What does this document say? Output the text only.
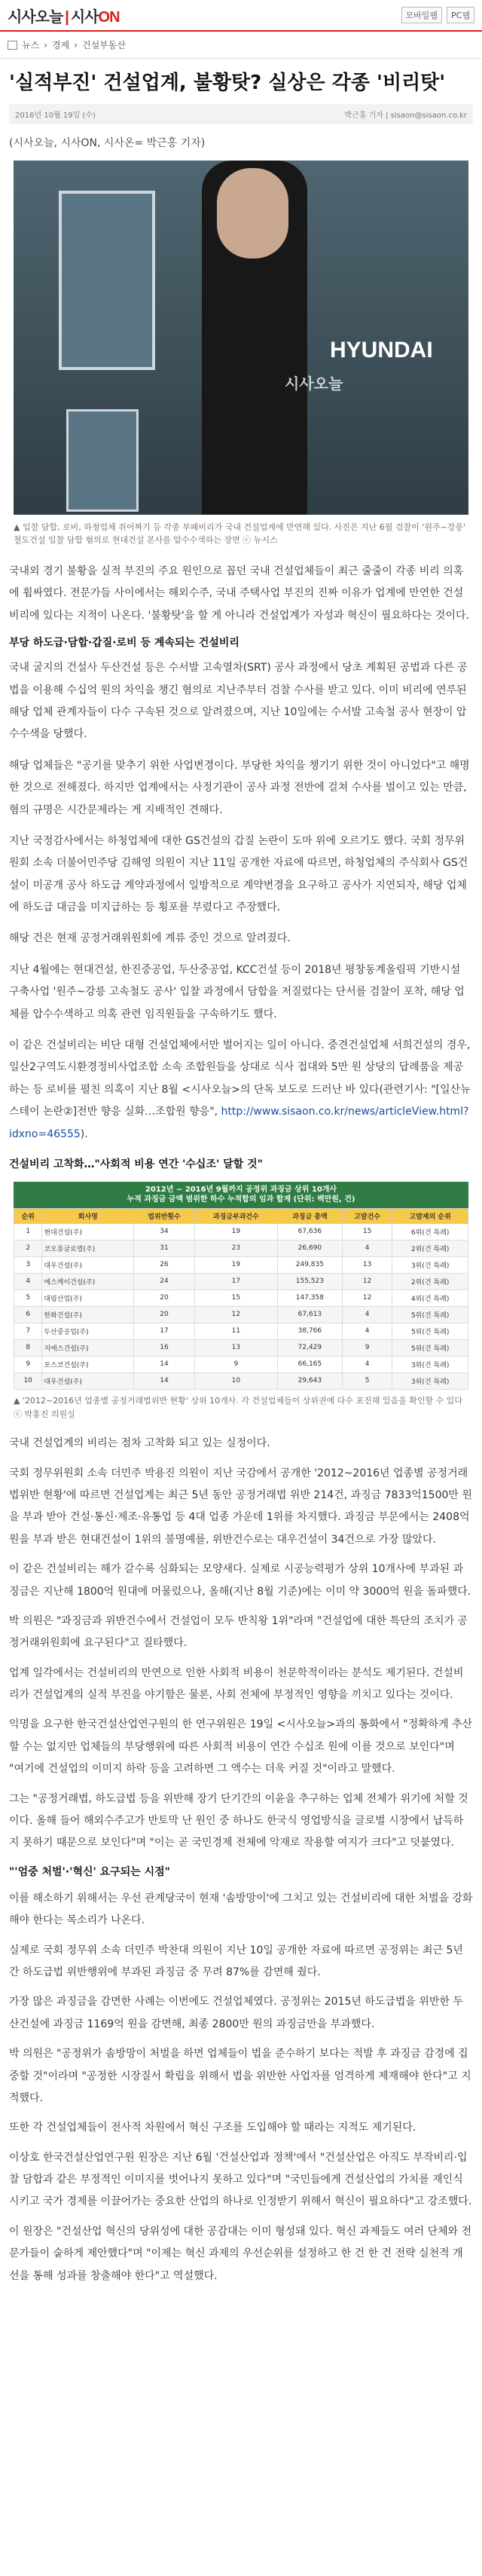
시사오늘 | 시사ON	모바일웹	PC웹
뉴스 › 경제 › 건설부동산
'실적부진' 건설업계, 불황탓? 실상은 각종 '비리탓'
2016년 10월 19일 (수)	박근홍 기자 | sisaon@sisaon.co.kr
(시사오늘, 시사ON, 시사온= 박근홍 기자)
HYUNDAI
시사오늘
▲ 입찰 담합, 로비, 하청업체 쥐어짜기 등 각종 부패비리가 국내 건설업계에 만연해 있다. 사진은 지난 6월 검찰이 '원주~강릉' 철도건설 입찰 담합 혐의로 현대건설 본사를 압수수색하는 장면 ⓒ 뉴시스

국내외 경기 불황을 실적 부진의 주요 원인으로 꼽던 국내 건설업체들이 최근 줄줄이 각종 비리 의혹에 휩싸였다. 전문가들 사이에서는 해외수주, 국내 주택사업 부진의 진짜 이유가 업계에 만연한 건설비리에 있다는 지적이 나온다. '불황탓'을 할 게 아니라 건설업계가 자성과 혁신이 필요하다는 것이다.

부당 하도급·담합·갑질·로비 등 계속되는 건설비리

국내 굴지의 건설사 두산건설 등은 수서발 고속열차(SRT) 공사 과정에서 당초 계획된 공법과 다른 공법을 이용해 수십억 원의 차익을 챙긴 혐의로 지난주부터 검찰 수사를 받고 있다. 이미 비리에 연루된 해당 업체 관계자들이 다수 구속된 것으로 알려졌으며, 지난 10일에는 수서발 고속철 공사 현장이 압수수색을 당했다.

해당 업체들은 "공기를 맞추기 위한 사업변경이다. 부당한 차익을 챙기기 위한 것이 아니었다"고 해명한 것으로 전해졌다. 하지만 업계에서는 사정기관이 공사 과정 전반에 걸쳐 수사를 벌이고 있는 만큼, 혐의 규명은 시간문제라는 게 지배적인 견해다.

지난 국정감사에서는 하청업체에 대한 GS건설의 갑질 논란이 도마 위에 오르기도 했다. 국회 정무위원회 소속 더불어민주당 김해영 의원이 지난 11일 공개한 자료에 따르면, 하청업체의 주식회사 GS건설이 미공개 공사 하도급 계약과정에서 일방적으로 계약변경을 요구하고 공사가 지연되자, 해당 업체에 하도급 대금을 미지급하는 등 횡포를 부렸다고 주장했다.

해당 건은 현재 공정거래위원회에 계류 중인 것으로 알려졌다.

지난 4월에는 현대건설, 한진중공업, 두산중공업, KCC건설 등이 2018년 평창동계올림픽 기반시설 구축사업 '원주~강릉 고속철도 공사' 입찰 과정에서 담합을 저질렀다는 단서를 검찰이 포착, 해당 업체를 압수수색하고 의혹 관련 임직원들을 구속하기도 했다.

이 같은 건설비리는 비단 대형 건설업체에서만 벌어지는 일이 아니다. 중견건설업체 서희건설의 경우, 일산2구역도시환경정비사업조합 소속 조합원들을 상대로 식사 접대와 5만 원 상당의 답례품을 제공하는 등 로비를 펼친 의혹이 지난 8월 <시사오늘>의 단독 보도로 드러난 바 있다(관련기사: "[일산뉴스테이 논란②]전반 향응 실화…조합원 향응", http://www.sisaon.co.kr/news/articleView.html?idxno=46555).

건설비리 고착화…"사회적 비용 연간 '수십조' 달할 것"
2012년 ~ 2016년 9월까지 공정위 과징금 상위 10개사
누적 과징금 금액 범위한 하수 누적합의 임과 합계 (단위: 백만원, 건)
순위	회사명	법위반횟수	과징금부과건수	과징금 총액	고발건수	고발제외 순위
1	현대건설(주)	34	19	67,636	15	6위(건 특례)
2	코오롱글로벌(주)	31	23	26,690	4	2위(건 특례)
3	대우건설(주)	26	19	249,835	13	3위(건 특례)
4	에스케이건설(주)	24	17	155,523	12	2위(건 특례)
5	대림산업(주)	20	15	147,358	12	4위(건 특례)
6	한화건설(주)	20	12	67,613	4	5위(건 특례)
7	두산중공업(주)	17	11	38,766	4	5위(건 특례)
8	지에스건설(주)	16	13	72,429	9	5위(건 특례)
9	포스코건설(주)	14	9	66,165	4	3위(건 특례)
10	대우건설(주)	14	10	29,643	5	3위(건 특례)
▲ '2012~2016년 업종별 공정거래법위반 현황' 상위 10개사. 각 건설업체들이 상위권에 다수 포진해 있음을 확인할 수 있다 ⓒ 박홍진 의원실

국내 건설업계의 비리는 점차 고착화 되고 있는 실정이다.

국회 정무위원회 소속 더민주 박용진 의원이 지난 국감에서 공개한 '2012~2016년 업종별 공정거래법위반 현황'에 따르면 건설업계는 최근 5년 동안 공정거래법 위반 214건, 과징금 7833억1500만 원을 부과 받아 건설·통신·제조·유통업 등 4대 업종 가운데 1위를 차지했다. 과징금 부문에서는 2408억 원을 부과 받은 현대건설이 1위의 불명예를, 위반건수로는 대우건설이 34건으로 가장 많았다.

이 같은 건설비리는 해가 갈수록 심화되는 모양새다. 실제로 시공능력평가 상위 10개사에 부과된 과징금은 지난해 1800억 원대에 머물렀으나, 올해(지난 8월 기준)에는 이미 약 3000억 원을 돌파했다.

박 의원은 "과징금과 위반건수에서 건설업이 모두 반칙왕 1위"라며 "건설업에 대한 특단의 조치가 공정거래위원회에 요구된다"고 질타했다.

업계 일각에서는 건설비리의 만연으로 인한 사회적 비용이 천문학적이라는 분석도 제기된다. 건설비리가 건설업계의 실적 부진을 야기함은 물론, 사회 전체에 부정적인 영향을 끼치고 있다는 것이다.

익명을 요구한 한국건설산업연구원의 한 연구위원은 19일 <시사오늘>과의 통화에서 "정확하게 추산할 수는 없지만 업체들의 부당행위에 따른 사회적 비용이 연간 수십조 원에 이를 것으로 보인다"며 "여기에 건설업의 이미지 하락 등을 고려하면 그 액수는 더욱 커질 것"이라고 말했다.

그는 "공정거래법, 하도급법 등을 위반해 장기 단기간의 이윤을 추구하는 업체 전체가 위기에 처할 것이다. 올해 들어 해외수주고가 반토막 난 원인 중 하나도 한국식 영업방식을 글로벌 시장에서 납득하지 못하기 때문으로 보인다"며 "이는 곧 국민경제 전체에 악재로 작용할 여지가 크다"고 덧붙였다.

"'엄중 처벌'·'혁신' 요구되는 시점"

이를 해소하기 위해서는 우선 관계당국이 현재 '솜방망이'에 그치고 있는 건설비리에 대한 처벌을 강화해야 한다는 목소리가 나온다.

실제로 국회 정무위 소속 더민주 박찬대 의원이 지난 10일 공개한 자료에 따르면 공정위는 최근 5년간 하도급법 위반행위에 부과된 과징금 중 무려 87%를 감면해 줬다.

가장 많은 과징금을 감면한 사례는 이번에도 건설업체였다. 공정위는 2015년 하도급법을 위반한 두산건설에 과징금 1169억 원을 감면해, 최종 2800만 원의 과징금만을 부과했다.

박 의원은 "공정위가 솜방망이 처벌을 하면 업체들이 법을 준수하기 보다는 적발 후 과징금 감경에 집중할 것"이라며 "공정한 시장질서 확립을 위해서 법을 위반한 사업자를 엄격하게 제재해야 한다"고 지적했다.

또한 각 건설업체들이 전사적 차원에서 혁신 구조를 도입해야 할 때라는 지적도 제기된다.

이상호 한국건설산업연구원 원장은 지난 6월 '건설산업과 정책'에서 "건설산업은 아직도 부작비리·입찰 담합과 같은 부정적인 이미지를 벗어나지 못하고 있다"며 "국민들에게 건설산업의 가치를 재인식시키고 국가 경제를 이끌어가는 중요한 산업의 하나로 인정받기 위해서 혁신이 필요하다"고 강조했다.

이 원장은 "건설산업 혁신의 당위성에 대한 공감대는 이미 형성돼 있다. 혁신 과제들도 여러 단체와 전문가들이 숱하게 제안했다"며 "이제는 혁신 과제의 우선순위를 설정하고 한 건 한 건 전략 실천적 개선을 통해 성과를 창출해야 한다"고 역설했다.
